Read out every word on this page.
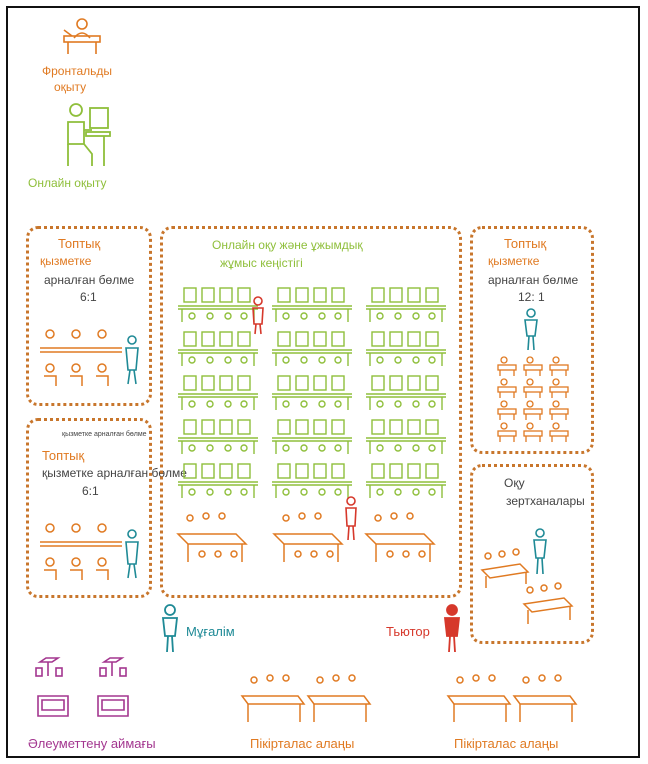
Фронтальды
оқыту
Онлайн оқыту
Топтық
қызметке
арналған бөлме
6:1
қызметке арналған бөлме
Топтық
қызметке арналған бөлме
6:1
Онлайн оқу және ұжымдық
жұмыс кеңістігі
Топтық
қызметке
арналған бөлме
12: 1
Оқу
зертханалары
Мұғалім	Тьютор
Әлеуметтену аймағы	Пікірталас алаңы	Пікірталас алаңы
